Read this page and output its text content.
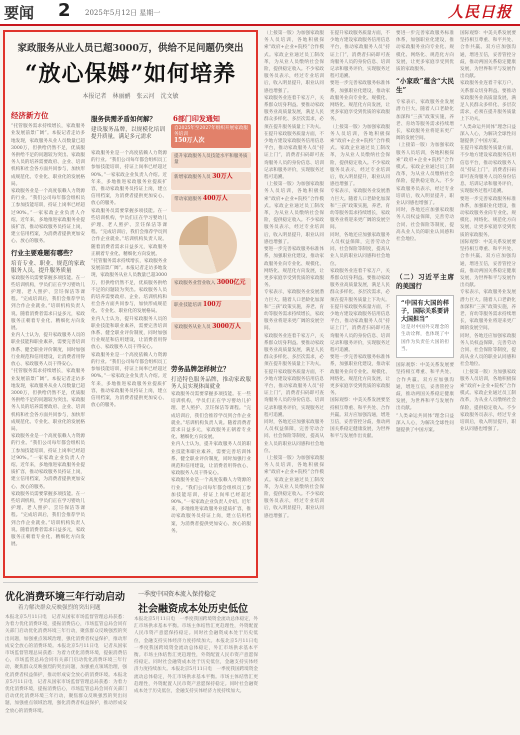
要闻 2 2025年5月12日 星期一	人民日报
家政服务从业人员已超3000万，供给不足问题仍突出
“放心保姆”如何培养
本报记者　林丽鹂　张云河　沈文敏
经济新方位
“托管服务需求持续增长，家政服务业发展前景广阔”。本报记者走访多地发现，家政服务从业人员数量已超3000万，但供给仍然不足，优质服务供给不足的问题较为突出。家政服务人员的培养需要政府、企业、培训机构和社会各方面共同参与，加快形成规范化、专业化、职业化的发展格局。
家政服务业是一个高度依赖人力资源的行业。“我们公司每年都会组织员工参加技能培训，持证上岗率已经超过90%。”一家家政企业负责人介绍。近年来，多地推进家政服务业提质扩容，推动家政服务员持证上岗，建立信用档案，为消费者提供更加安心、放心的服务。
行业主要难题有哪些？
培育专业、职业、规范的家政服务人员，提升服务质量
家政服务员需要掌握多项技能。在一些培训机构，学员们正在学习婴幼儿护理、老人照护、烹饪保洁等课程。“完成培训后，我们会推荐学员到合作企业就业。”培训机构负责人说。随着消费者需求日益多元，家政服务正朝着专业化、精细化方向发展。
业内人士认为，提升家政服务人员的职业技能和职业素养，需要完善培训体系、健全职业评价制度，同时加强行业规范和信用建设，让消费者用得放心、家政服务人员干得安心。
“托管服务需求持续增长，家政服务业发展前景广阔”。本报记者走访多地发现，家政服务从业人员数量已超3000万，但供给仍然不足，优质服务供给不足的问题较为突出。家政服务人员的培养需要政府、企业、培训机构和社会各方面共同参与，加快形成规范化、专业化、职业化的发展格局。
家政服务业是一个高度依赖人力资源的行业。“我们公司每年都会组织员工参加技能培训，持证上岗率已经超过90%。”一家家政企业负责人介绍。近年来，多地推进家政服务业提质扩容，推动家政服务员持证上岗，建立信用档案，为消费者提供更加安心、放心的服务。
家政服务员需要掌握多项技能。在一些培训机构，学员们正在学习婴幼儿护理、老人照护、烹饪保洁等课程。“完成培训后，我们会推荐学员到合作企业就业。”培训机构负责人说。随着消费者需求日益多元，家政服务正朝着专业化、精细化方向发展。
服务供需矛盾如何解？
建设服务品牌，以规模化培训提升质量，满足多元需求
6部门印发通知
自2025年至2027年组织开展家政服务培训
150万人次
提升家政服务人员技能水平和服务质量
新增家政服务人员 30万人
带动家庭服务 400万人
家政服务业营业收入 3000亿元
职业技能培训 100万
家政服务从业人员 3000万人
家政服务业是一个高度依赖人力资源的行业。“我们公司每年都会组织员工参加技能培训，持证上岗率已经超过90%。”一家家政企业负责人介绍。近年来，多地推进家政服务业提质扩容，推动家政服务员持证上岗，建立信用档案，为消费者提供更加安心、放心的服务。
家政服务员需要掌握多项技能。在一些培训机构，学员们正在学习婴幼儿护理、老人照护、烹饪保洁等课程。“完成培训后，我们会推荐学员到合作企业就业。”培训机构负责人说。随着消费者需求日益多元，家政服务正朝着专业化、精细化方向发展。
“托管服务需求持续增长，家政服务业发展前景广阔”。本报记者走访多地发现，家政服务从业人员数量已超3000万，但供给仍然不足，优质服务供给不足的问题较为突出。家政服务人员的培养需要政府、企业、培训机构和社会各方面共同参与，加快形成规范化、专业化、职业化的发展格局。
业内人士认为，提升家政服务人员的职业技能和职业素养，需要完善培训体系、健全职业评价制度，同时加强行业规范和信用建设，让消费者用得放心、家政服务人员干得安心。
家政服务业是一个高度依赖人力资源的行业。“我们公司每年都会组织员工参加技能培训，持证上岗率已经超过90%。”一家家政企业负责人介绍。近年来，多地推进家政服务业提质扩容，推动家政服务员持证上岗，建立信用档案，为消费者提供更加安心、放心的服务。
劳务品牌怎样树立？
打造特色服务品牌，推动家政服务人员实现体面就业
家政服务员需要掌握多项技能。在一些培训机构，学员们正在学习婴幼儿护理、老人照护、烹饪保洁等课程。“完成培训后，我们会推荐学员到合作企业就业。”培训机构负责人说。随着消费者需求日益多元，家政服务正朝着专业化、精细化方向发展。
业内人士认为，提升家政服务人员的职业技能和职业素养，需要完善培训体系、健全职业评价制度，同时加强行业规范和信用建设，让消费者用得放心、家政服务人员干得安心。
家政服务业是一个高度依赖人力资源的行业。“我们公司每年都会组织员工参加技能培训，持证上岗率已经超过90%。”一家家政企业负责人介绍。近年来，多地推进家政服务业提质扩容，推动家政服务员持证上岗，建立信用档案，为消费者提供更加安心、放心的服务。
优化消费环境三年行动启动
着力解决群众反映强烈的突出问题
本报北京5月11日电　记者从国家市场监督管理总局获悉：为着力优化消费环境，提振消费信心，市场监管总局会同有关部门启动优化消费环境三年行动，聚焦群众反映强烈的突出问题，加强重点领域治理，强化消费者权益保护，推动形成安全放心的消费环境。本报北京5月11日电　记者从国家市场监督管理总局获悉：为着力优化消费环境，提振消费信心，市场监管总局会同有关部门启动优化消费环境三年行动，聚焦群众反映强烈的突出问题，加强重点领域治理，强化消费者权益保护，推动形成安全放心的消费环境。本报北京5月11日电　记者从国家市场监督管理总局获悉：为着力优化消费环境，提振消费信心，市场监管总局会同有关部门启动优化消费环境三年行动，聚焦群众反映强烈的突出问题，加强重点领域治理，强化消费者权益保护，推动形成安全放心的消费环境。
一季度中国资本流入保持稳定
社会融资成本处历史低位
本报北京5月11日电　一季度我国跨境资金流动总体稳定，外汇市场供求基本平衡。市场主体结售汇更趋理性，外资配置人民币资产意愿保持稳定。同时社会融资成本处于历史低位，金融支持实体经济力度持续加大。本报北京5月11日电　一季度我国跨境资金流动总体稳定，外汇市场供求基本平衡。市场主体结售汇更趋理性，外资配置人民币资产意愿保持稳定。同时社会融资成本处于历史低位，金融支持实体经济力度持续加大。本报北京5月11日电　一季度我国跨境资金流动总体稳定，外汇市场供求基本平衡。市场主体结售汇更趋理性，外资配置人民币资产意愿保持稳定。同时社会融资成本处于历史低位，金融支持实体经济力度持续加大。
（上接第一版）为加强家政服务人员培训，各地积极探索“政府+企业+院校”合作模式。家政企业通过员工制改革，为从业人员缴纳社会保险，提供稳定收入。不少家政服务员表示，经过专业培训后，收入明显提升，职业认同感也增强了。
家政服务业连着千家万户，关系群众切身利益。要推动家政服务业高质量发展，满足人民群众多样化、多层次需求，必须在提升服务质量上下功夫。
在提升家政服务质量方面，不少地方建设家政服务信用信息平台，推动家政服务人员“持证上门”，消费者扫码即可查询服务人员的身份信息、培训记录和服务评价，实现服务过程可追溯。
（上接第一版）为加强家政服务人员培训，各地积极探索“政府+企业+院校”合作模式。家政企业通过员工制改革，为从业人员缴纳社会保险，提供稳定收入。不少家政服务员表示，经过专业培训后，收入明显提升，职业认同感也增强了。
要进一步完善家政服务标准体系，加强职业化建设，推动家政服务业向专业化、规模化、网络化、规范化方向发展，让更多家庭享受到优质的家政服务。
专家表示，家政服务业发展潜力巨大。随着人口老龄化加深和“三孩”政策实施，养老、育幼等服务需求持续增长，家政服务业将迎来更广阔的发展空间。
家政服务业连着千家万户，关系群众切身利益。要推动家政服务业高质量发展，满足人民群众多样化、多层次需求，必须在提升服务质量上下功夫。
在提升家政服务质量方面，不少地方建设家政服务信用信息平台，推动家政服务人员“持证上门”，消费者扫码即可查询服务人员的身份信息、培训记录和服务评价，实现服务过程可追溯。
同时，各地还应加强家政服务人员权益保障，完善劳动合同、社会保险等制度，提高从业人员的职业认同感和社会地位。
（上接第一版）为加强家政服务人员培训，各地积极探索“政府+企业+院校”合作模式。家政企业通过员工制改革，为从业人员缴纳社会保险，提供稳定收入。不少家政服务员表示，经过专业培训后，收入明显提升，职业认同感也增强了。
在提升家政服务质量方面，不少地方建设家政服务信用信息平台，推动家政服务人员“持证上门”，消费者扫码即可查询服务人员的身份信息、培训记录和服务评价，实现服务过程可追溯。
要进一步完善家政服务标准体系，加强职业化建设，推动家政服务业向专业化、规模化、网络化、规范化方向发展，让更多家庭享受到优质的家政服务。
（上接第一版）为加强家政服务人员培训，各地积极探索“政府+企业+院校”合作模式。家政企业通过员工制改革，为从业人员缴纳社会保险，提供稳定收入。不少家政服务员表示，经过专业培训后，收入明显提升，职业认同感也增强了。
专家表示，家政服务业发展潜力巨大。随着人口老龄化加深和“三孩”政策实施，养老、育幼等服务需求持续增长，家政服务业将迎来更广阔的发展空间。
同时，各地还应加强家政服务人员权益保障，完善劳动合同、社会保险等制度，提高从业人员的职业认同感和社会地位。
家政服务业连着千家万户，关系群众切身利益。要推动家政服务业高质量发展，满足人民群众多样化、多层次需求，必须在提升服务质量上下功夫。
在提升家政服务质量方面，不少地方建设家政服务信用信息平台，推动家政服务人员“持证上门”，消费者扫码即可查询服务人员的身份信息、培训记录和服务评价，实现服务过程可追溯。
要进一步完善家政服务标准体系，加强职业化建设，推动家政服务业向专业化、规模化、网络化、规范化方向发展，让更多家庭享受到优质的家政服务。
国际观察：中美关系发展要坚持相互尊重、和平共处、合作共赢。双方应加强沟通，增进互信，妥善管控分歧，推动两国关系稳定健康发展，为世界和平与发展作出贡献。
要进一步完善家政服务标准体系，加强职业化建设，推动家政服务业向专业化、规模化、网络化、规范化方向发展，让更多家庭享受到优质的家政服务。
“小家政”蕴含“大民生”
专家表示，家政服务业发展潜力巨大。随着人口老龄化加深和“三孩”政策实施，养老、育幼等服务需求持续增长，家政服务业将迎来更广阔的发展空间。
（上接第一版）为加强家政服务人员培训，各地积极探索“政府+企业+院校”合作模式。家政企业通过员工制改革，为从业人员缴纳社会保险，提供稳定收入。不少家政服务员表示，经过专业培训后，收入明显提升，职业认同感也增强了。
同时，各地还应加强家政服务人员权益保障，完善劳动合同、社会保险等制度，提高从业人员的职业认同感和社会地位。
（二）习近平主席的美国行
“中国有大国的样子，国际关系要讲大国担当”
这是对中国外交理念的生动诠释，也体现了中国作为负责任大国的担当。
国际观察：中美关系发展要坚持相互尊重、和平共处、合作共赢。双方应加强沟通，增进互信，妥善管控分歧，推动两国关系稳定健康发展，为世界和平与发展作出贡献。
“人类命运共同体”理念日益深入人心，为解决全球性问题提供了中国方案。
国际观察：中美关系发展要坚持相互尊重、和平共处、合作共赢。双方应加强沟通，增进互信，妥善管控分歧，推动两国关系稳定健康发展，为世界和平与发展作出贡献。
家政服务业连着千家万户，关系群众切身利益。要推动家政服务业高质量发展，满足人民群众多样化、多层次需求，必须在提升服务质量上下功夫。
“人类命运共同体”理念日益深入人心，为解决全球性问题提供了中国方案。
在提升家政服务质量方面，不少地方建设家政服务信用信息平台，推动家政服务人员“持证上门”，消费者扫码即可查询服务人员的身份信息、培训记录和服务评价，实现服务过程可追溯。
要进一步完善家政服务标准体系，加强职业化建设，推动家政服务业向专业化、规模化、网络化、规范化方向发展，让更多家庭享受到优质的家政服务。
国际观察：中美关系发展要坚持相互尊重、和平共处、合作共赢。双方应加强沟通，增进互信，妥善管控分歧，推动两国关系稳定健康发展，为世界和平与发展作出贡献。
专家表示，家政服务业发展潜力巨大。随着人口老龄化加深和“三孩”政策实施，养老、育幼等服务需求持续增长，家政服务业将迎来更广阔的发展空间。
同时，各地还应加强家政服务人员权益保障，完善劳动合同、社会保险等制度，提高从业人员的职业认同感和社会地位。
（上接第一版）为加强家政服务人员培训，各地积极探索“政府+企业+院校”合作模式。家政企业通过员工制改革，为从业人员缴纳社会保险，提供稳定收入。不少家政服务员表示，经过专业培训后，收入明显提升，职业认同感也增强了。
